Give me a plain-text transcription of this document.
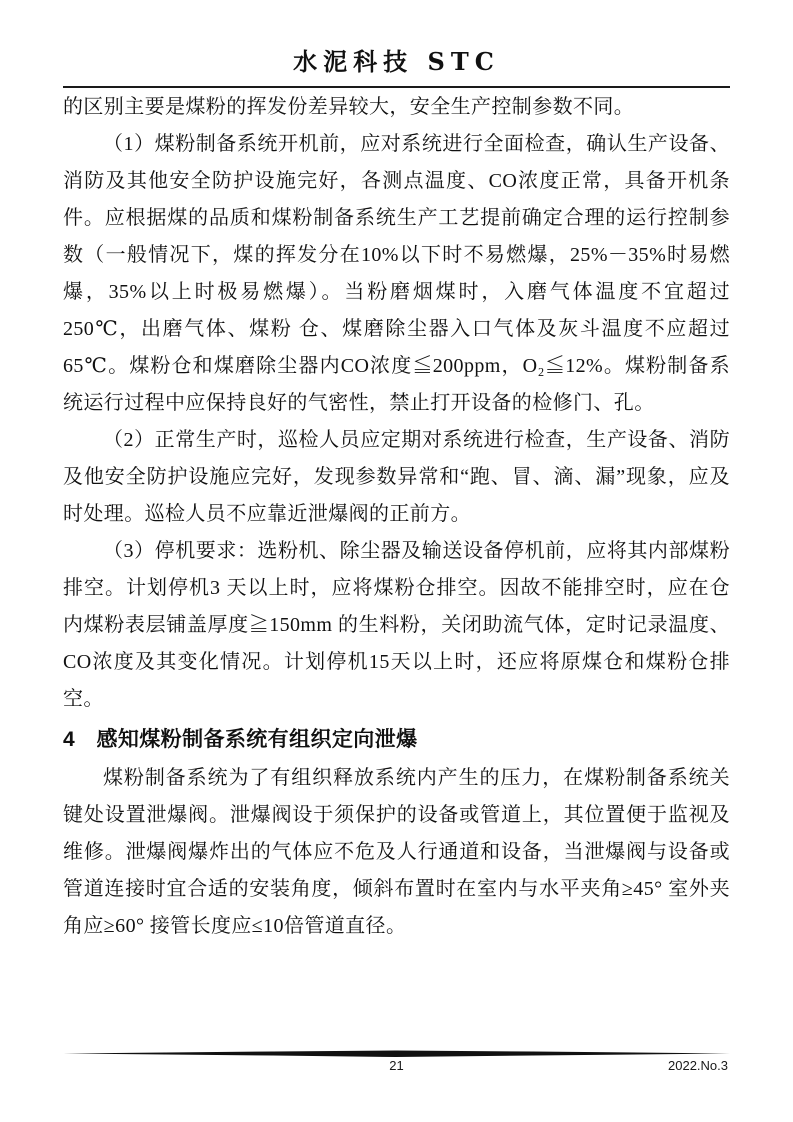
水泥科技 STC

的区别主要是煤粉的挥发份差异较大，安全生产控制参数不同。

（1）煤粉制备系统开机前，应对系统进行全面检查，确认生产设备、 消防及其他安全防护设施完好，各测点温度、CO浓度正常，具备开机条件。应根据煤的品质和煤粉制备系统生产工艺提前确定合理的运行控制参数（一般情况下，煤的挥发分在10%以下时不易燃爆，25%－35%时易燃爆，35%以上时极易燃爆）。当粉磨烟煤时，入磨气体温度不宜超过 250℃，出磨气体、煤粉 仓、煤磨除尘器入口气体及灰斗温度不应超过65℃。煤粉仓和煤磨除尘器内CO浓度≦200ppm，O₂≦12%。煤粉制备系统运行过程中应保持良好的气密性，禁止打开设备的检修门、孔。

（2）正常生产时，巡检人员应定期对系统进行检查，生产设备、消防及他安全防护设施应完好，发现参数异常和“跑、冒、滴、漏”现象，应及时处理。巡检人员不应靠近泄爆阀的正前方。

（3）停机要求：选粉机、除尘器及输送设备停机前，应将其内部煤粉排空。计划停机3 天以上时，应将煤粉仓排空。因故不能排空时，应在仓内煤粉表层铺盖厚度≧150mm 的生料粉，关闭助流气体，定时记录温度、CO浓度及其变化情况。计划停机15天以上时，还应将原煤仓和煤粉仓排空。

4　感知煤粉制备系统有组织定向泄爆

煤粉制备系统为了有组织释放系统内产生的压力，在煤粉制备系统关键处设置泄爆阀。泄爆阀设于须保护的设备或管道上，其位置便于监视及维修。泄爆阀爆炸出的气体应不危及人行通道和设备，当泄爆阀与设备或管道连接时宜合适的安装角度，倾斜布置时在室内与水平夹角≥45° 室外夹角应≥60° 接管长度应≤10倍管道直径。

21	2022.No.3
